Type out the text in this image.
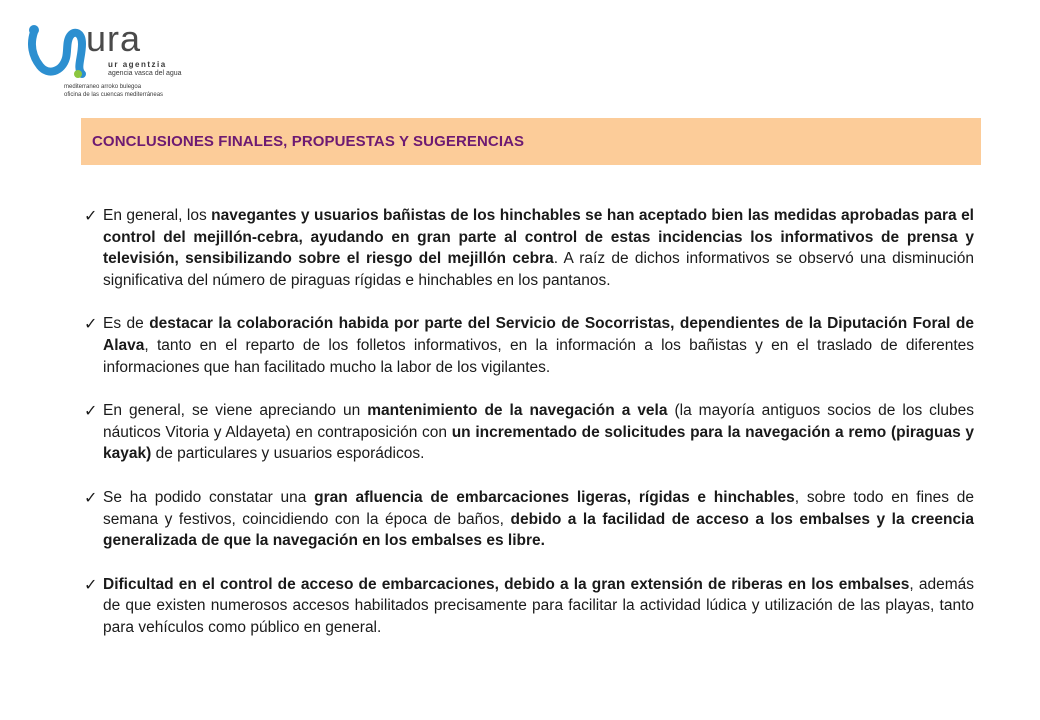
ura
ur agentzia
agencia vasca del agua
mediterraneo arroko bulegoa
oficina de las cuencas mediterráneas
CONCLUSIONES FINALES, PROPUESTAS Y SUGERENCIAS
✓ En general, los navegantes y usuarios bañistas de los hinchables se han aceptado bien las medidas aprobadas para el control del mejillón-cebra, ayudando en gran parte al control de estas incidencias los informativos de prensa y televisión, sensibilizando sobre el riesgo del mejillón cebra. A raíz de dichos informativos se observó una disminución significativa del número de piraguas rígidas e hinchables en los pantanos.

✓ Es de destacar la colaboración habida por parte del Servicio de Socorristas, dependientes de la Diputación Foral de Alava, tanto en el reparto de los folletos informativos, en la información a los bañistas y en el traslado de diferentes informaciones que han facilitado mucho la labor de los vigilantes.

✓ En general, se viene apreciando un mantenimiento de la navegación a vela (la mayoría antiguos socios de los clubes náuticos Vitoria y Aldayeta) en contraposición con un incrementado de solicitudes para la navegación a remo (piraguas y kayak) de particulares y usuarios esporádicos.

✓ Se ha podido constatar una gran afluencia de embarcaciones ligeras, rígidas e hinchables, sobre todo en fines de semana y festivos, coincidiendo con la época de baños, debido a la facilidad de acceso a los embalses y la creencia generalizada de que la navegación en los embalses es libre.

✓ Dificultad en el control de acceso de embarcaciones, debido a la gran extensión de riberas en los embalses, además de que existen numerosos accesos habilitados precisamente para facilitar la actividad lúdica y utilización de las playas, tanto para vehículos como público en general.
